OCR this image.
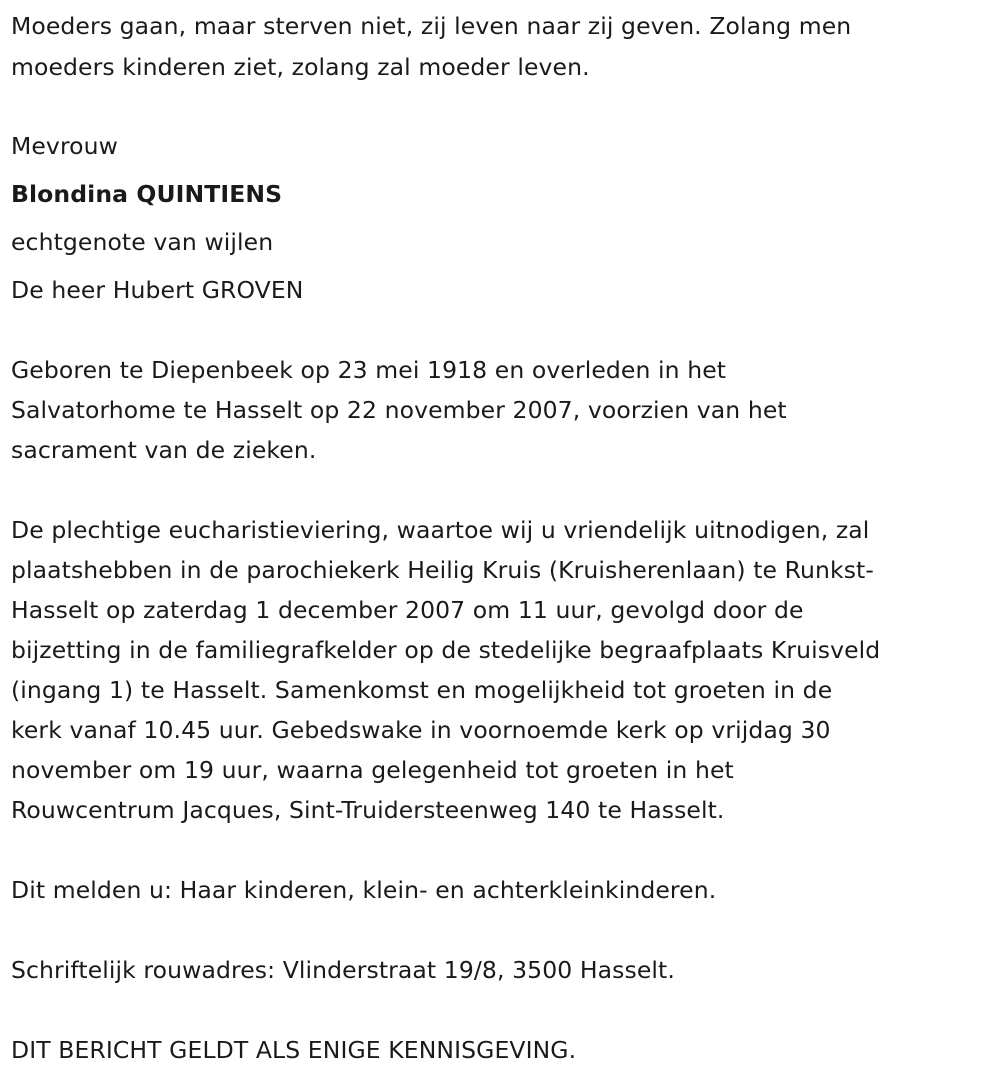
Moeders gaan, maar sterven niet, zij leven naar zij geven. Zolang men

moeders kinderen ziet, zolang zal moeder leven.

Mevrouw

Blondina QUINTIENS

echtgenote van wijlen

De heer Hubert GROVEN

Geboren te Diepenbeek op 23 mei 1918 en overleden in het

Salvatorhome te Hasselt op 22 november 2007, voorzien van het

sacrament van de zieken.

De plechtige eucharistieviering, waartoe wij u vriendelijk uitnodigen, zal

plaatshebben in de parochiekerk Heilig Kruis (Kruisherenlaan) te Runkst-

Hasselt op zaterdag 1 december 2007 om 11 uur, gevolgd door de

bijzetting in de familiegrafkelder op de stedelijke begraafplaats Kruisveld

(ingang 1) te Hasselt. Samenkomst en mogelijkheid tot groeten in de

kerk vanaf 10.45 uur. Gebedswake in voornoemde kerk op vrijdag 30

november om 19 uur, waarna gelegenheid tot groeten in het

Rouwcentrum Jacques, Sint-Truidersteenweg 140 te Hasselt.

Dit melden u: Haar kinderen, klein- en achterkleinkinderen.

Schriftelijk rouwadres: Vlinderstraat 19/8, 3500 Hasselt.

DIT BERICHT GELDT ALS ENIGE KENNISGEVING.
